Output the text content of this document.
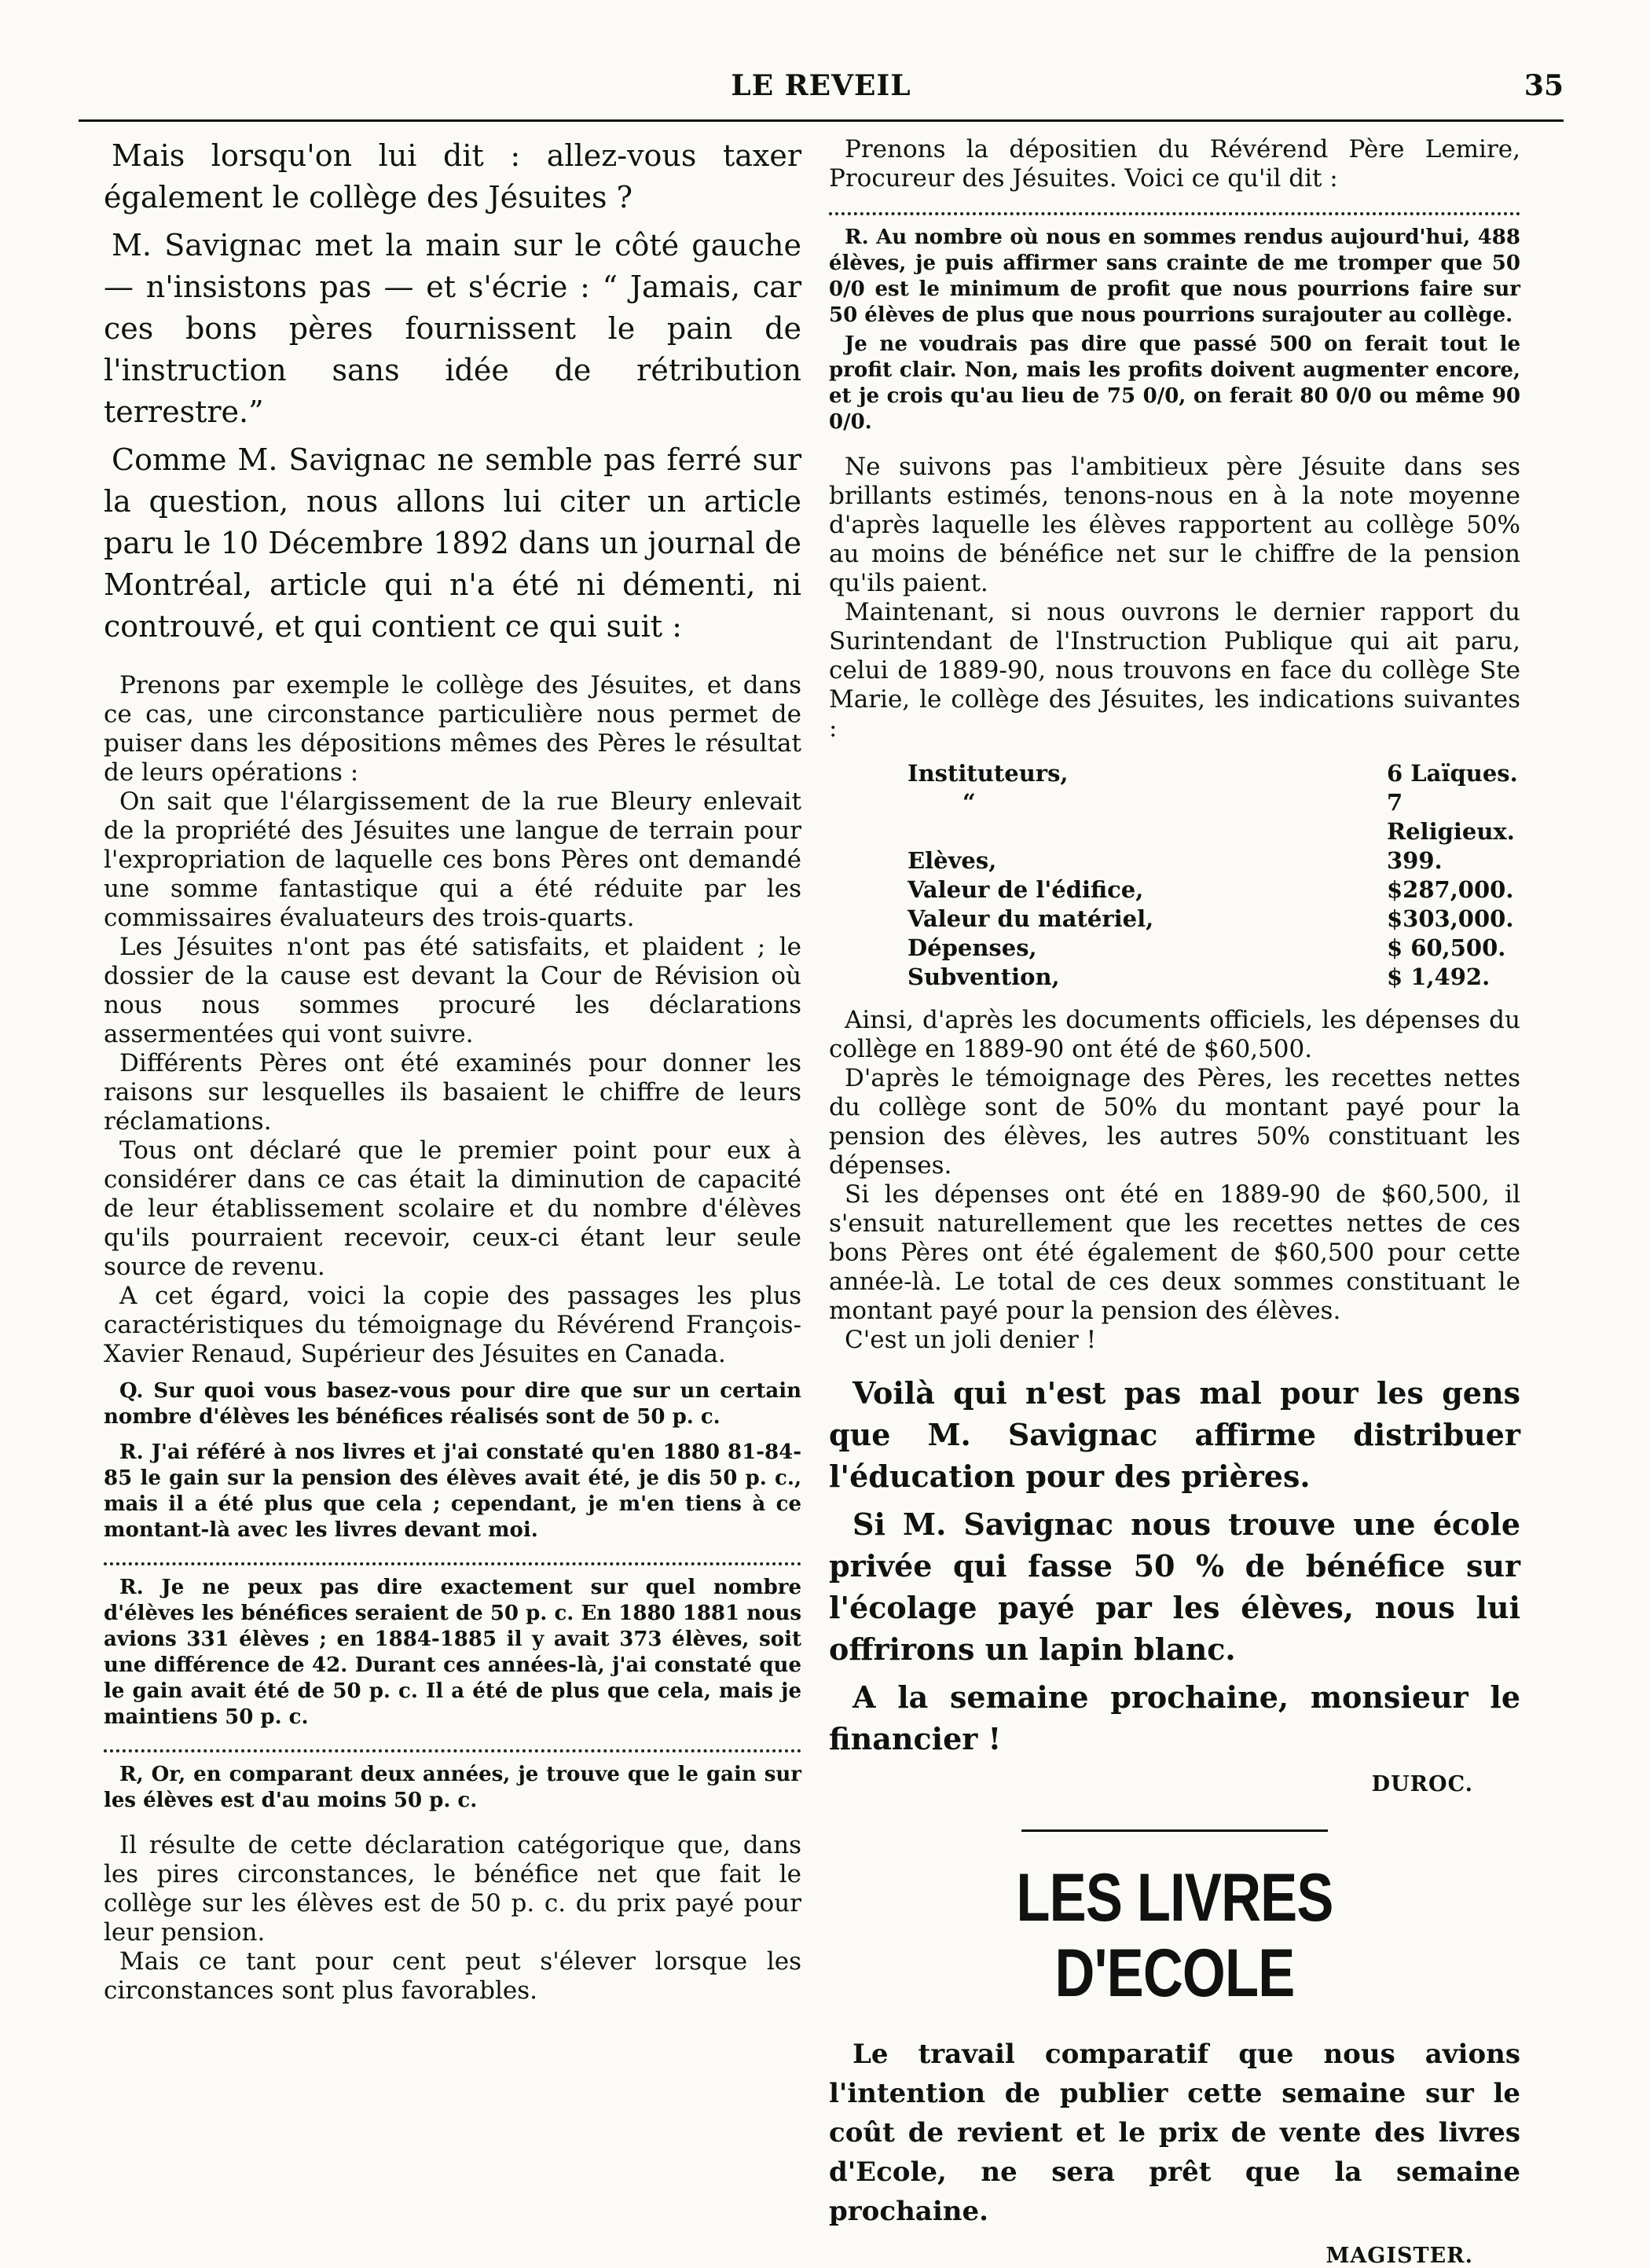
LE REVEIL	35

Mais lorsqu'on lui dit : allez-vous taxer également le collège des Jésuites ?

M. Savignac met la main sur le côté gauche — n'insistons pas — et s'écrie : “ Jamais, car ces bons pères fournissent le pain de l'instruction sans idée de rétribution terrestre.”

Comme M. Savignac ne semble pas ferré sur la question, nous allons lui citer un article paru le 10 Décembre 1892 dans un journal de Montréal, article qui n'a été ni démenti, ni controuvé, et qui contient ce qui suit :

Prenons par exemple le collège des Jésuites, et dans ce cas, une circonstance particulière nous permet de puiser dans les dépositions mêmes des Pères le résultat de leurs opérations :

On sait que l'élargissement de la rue Bleury enlevait de la propriété des Jésuites une langue de terrain pour l'expropriation de laquelle ces bons Pères ont demandé une somme fantastique qui a été réduite par les commissaires évaluateurs des trois-quarts.

Les Jésuites n'ont pas été satisfaits, et plaident ; le dossier de la cause est devant la Cour de Révision où nous nous sommes procuré les déclarations assermentées qui vont suivre.

Différents Pères ont été examinés pour donner les raisons sur lesquelles ils basaient le chiffre de leurs réclamations.

Tous ont déclaré que le premier point pour eux à considérer dans ce cas était la diminution de capacité de leur établissement scolaire et du nombre d'élèves qu'ils pourraient recevoir, ceux-ci étant leur seule source de revenu.

A cet égard, voici la copie des passages les plus caractéristiques du témoignage du Révérend François-Xavier Renaud, Supérieur des Jésuites en Canada.

Q. Sur quoi vous basez-vous pour dire que sur un certain nombre d'élèves les bénéfices réalisés sont de 50 p. c.

R. J'ai référé à nos livres et j'ai constaté qu'en 1880 81-84-85 le gain sur la pension des élèves avait été, je dis 50 p. c., mais il a été plus que cela ; cependant, je m'en tiens à ce montant-là avec les livres devant moi.

R. Je ne peux pas dire exactement sur quel nombre d'élèves les bénéfices seraient de 50 p. c. En 1880 1881 nous avions 331 élèves ; en 1884-1885 il y avait 373 élèves, soit une différence de 42. Durant ces années-là, j'ai constaté que le gain avait été de 50 p. c. Il a été de plus que cela, mais je maintiens 50 p. c.

R, Or, en comparant deux années, je trouve que le gain sur les élèves est d'au moins 50 p. c.

Il résulte de cette déclaration catégorique que, dans les pires circonstances, le bénéfice net que fait le collège sur les élèves est de 50 p. c. du prix payé pour leur pension.

Mais ce tant pour cent peut s'élever lorsque les circonstances sont plus favorables.

Prenons la dépositien du Révérend Père Lemire, Procureur des Jésuites. Voici ce qu'il dit :

R. Au nombre où nous en sommes rendus aujourd'hui, 488 élèves, je puis affirmer sans crainte de me tromper que 50 0/0 est le minimum de profit que nous pourrions faire sur 50 élèves de plus que nous pourrions surajouter au collège.

Je ne voudrais pas dire que passé 500 on ferait tout le profit clair. Non, mais les profits doivent augmenter encore, et je crois qu'au lieu de 75 0/0, on ferait 80 0/0 ou même 90 0/0.

Ne suivons pas l'ambitieux père Jésuite dans ses brillants estimés, tenons-nous en à la note moyenne d'après laquelle les élèves rapportent au collège 50% au moins de bénéfice net sur le chiffre de la pension qu'ils paient.

Maintenant, si nous ouvrons le dernier rapport du Surintendant de l'Instruction Publique qui ait paru, celui de 1889-90, nous trouvons en face du collège Ste Marie, le collège des Jésuites, les indications suivantes :

Instituteurs,	6 Laïques.
“	7 Religieux.
Elèves,	399.
Valeur de l'édifice,	$287,000.
Valeur du matériel,	$303,000.
Dépenses,	$ 60,500.
Subvention,	$ 1,492.

Ainsi, d'après les documents officiels, les dépenses du collège en 1889-90 ont été de $60,500.

D'après le témoignage des Pères, les recettes nettes du collège sont de 50% du montant payé pour la pension des élèves, les autres 50% constituant les dépenses.

Si les dépenses ont été en 1889-90 de $60,500, il s'ensuit naturellement que les recettes nettes de ces bons Pères ont été également de $60,500 pour cette année-là. Le total de ces deux sommes constituant le montant payé pour la pension des élèves.

C'est un joli denier !

Voilà qui n'est pas mal pour les gens que M. Savignac affirme distribuer l'éducation pour des prières.

Si M. Savignac nous trouve une école privée qui fasse 50 % de bénéfice sur l'écolage payé par les élèves, nous lui offrirons un lapin blanc.

A la semaine prochaine, monsieur le financier !

DUROC.
LES LIVRES D'ECOLE

Le travail comparatif que nous avions l'intention de publier cette semaine sur le coût de revient et le prix de vente des livres d'Ecole, ne sera prêt que la semaine prochaine.

MAGISTER.
